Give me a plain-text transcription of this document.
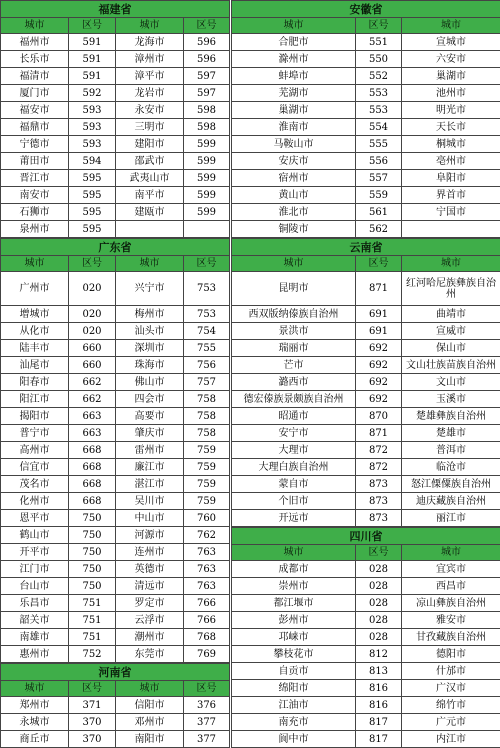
福建省			
城市	区号	城市	区号
福州市	591	龙海市	596
长乐市	591	漳州市	596
福清市	591	漳平市	597
厦门市	592	龙岩市	597
福安市	593	永安市	598
福鼎市	593	三明市	598
宁德市	593	建阳市	599
莆田市	594	邵武市	599
晋江市	595	武夷山市	599
南安市	595	南平市	599
石狮市	595	建瓯市	599
泉州市	595		
广东省			
城市	区号	城市	区号
广州市	020	兴宁市	753
增城市	020	梅州市	753
从化市	020	汕头市	754
陆丰市	660	深圳市	755
汕尾市	660	珠海市	756
阳春市	662	佛山市	757
阳江市	662	四会市	758
揭阳市	663	高要市	758
普宁市	663	肇庆市	758
高州市	668	雷州市	759
信宜市	668	廉江市	759
茂名市	668	湛江市	759
化州市	668	吴川市	759
恩平市	750	中山市	760
鹤山市	750	河源市	762
开平市	750	连州市	763
江门市	750	英德市	763
台山市	750	清远市	763
乐昌市	751	罗定市	766
韶关市	751	云浮市	766
南雄市	751	潮州市	768
惠州市	752	东莞市	769
河南省			
城市	区号	城市	区号
郑州市	371	信阳市	376
永城市	370	邓州市	377
商丘市	370	南阳市	377
安徽省		
城市	区号	城市
合肥市	551	宣城市
滁州市	550	六安市
蚌埠市	552	巢湖市
芜湖市	553	池州市
巢湖市	553	明光市
淮南市	554	天长市
马鞍山市	555	桐城市
安庆市	556	亳州市
宿州市	557	阜阳市
黄山市	559	界首市
淮北市	561	宁国市
铜陵市	562	
云南省		
城市	区号	城市
昆明市	871	红河哈尼族彝族自治州
西双版纳傣族自治州	691	曲靖市
景洪市	691	宣威市
瑞丽市	692	保山市
芒市	692	文山壮族苗族自治州
潞西市	692	文山市
德宏傣族景颇族自治州	692	玉溪市
昭通市	870	楚雄彝族自治州
安宁市	871	楚雄市
大理市	872	普洱市
大理白族自治州	872	临沧市
蒙自市	873	怒江傈僳族自治州
个旧市	873	迪庆藏族自治州
开远市	873	丽江市
四川省		
城市	区号	城市
成都市	028	宜宾市
崇州市	028	西昌市
都江堰市	028	凉山彝族自治州
彭州市	028	雅安市
邛崃市	028	甘孜藏族自治州
攀枝花市	812	德阳市
自贡市	813	什邡市
绵阳市	816	广汉市
江油市	816	绵竹市
南充市	817	广元市
阆中市	817	内江市
